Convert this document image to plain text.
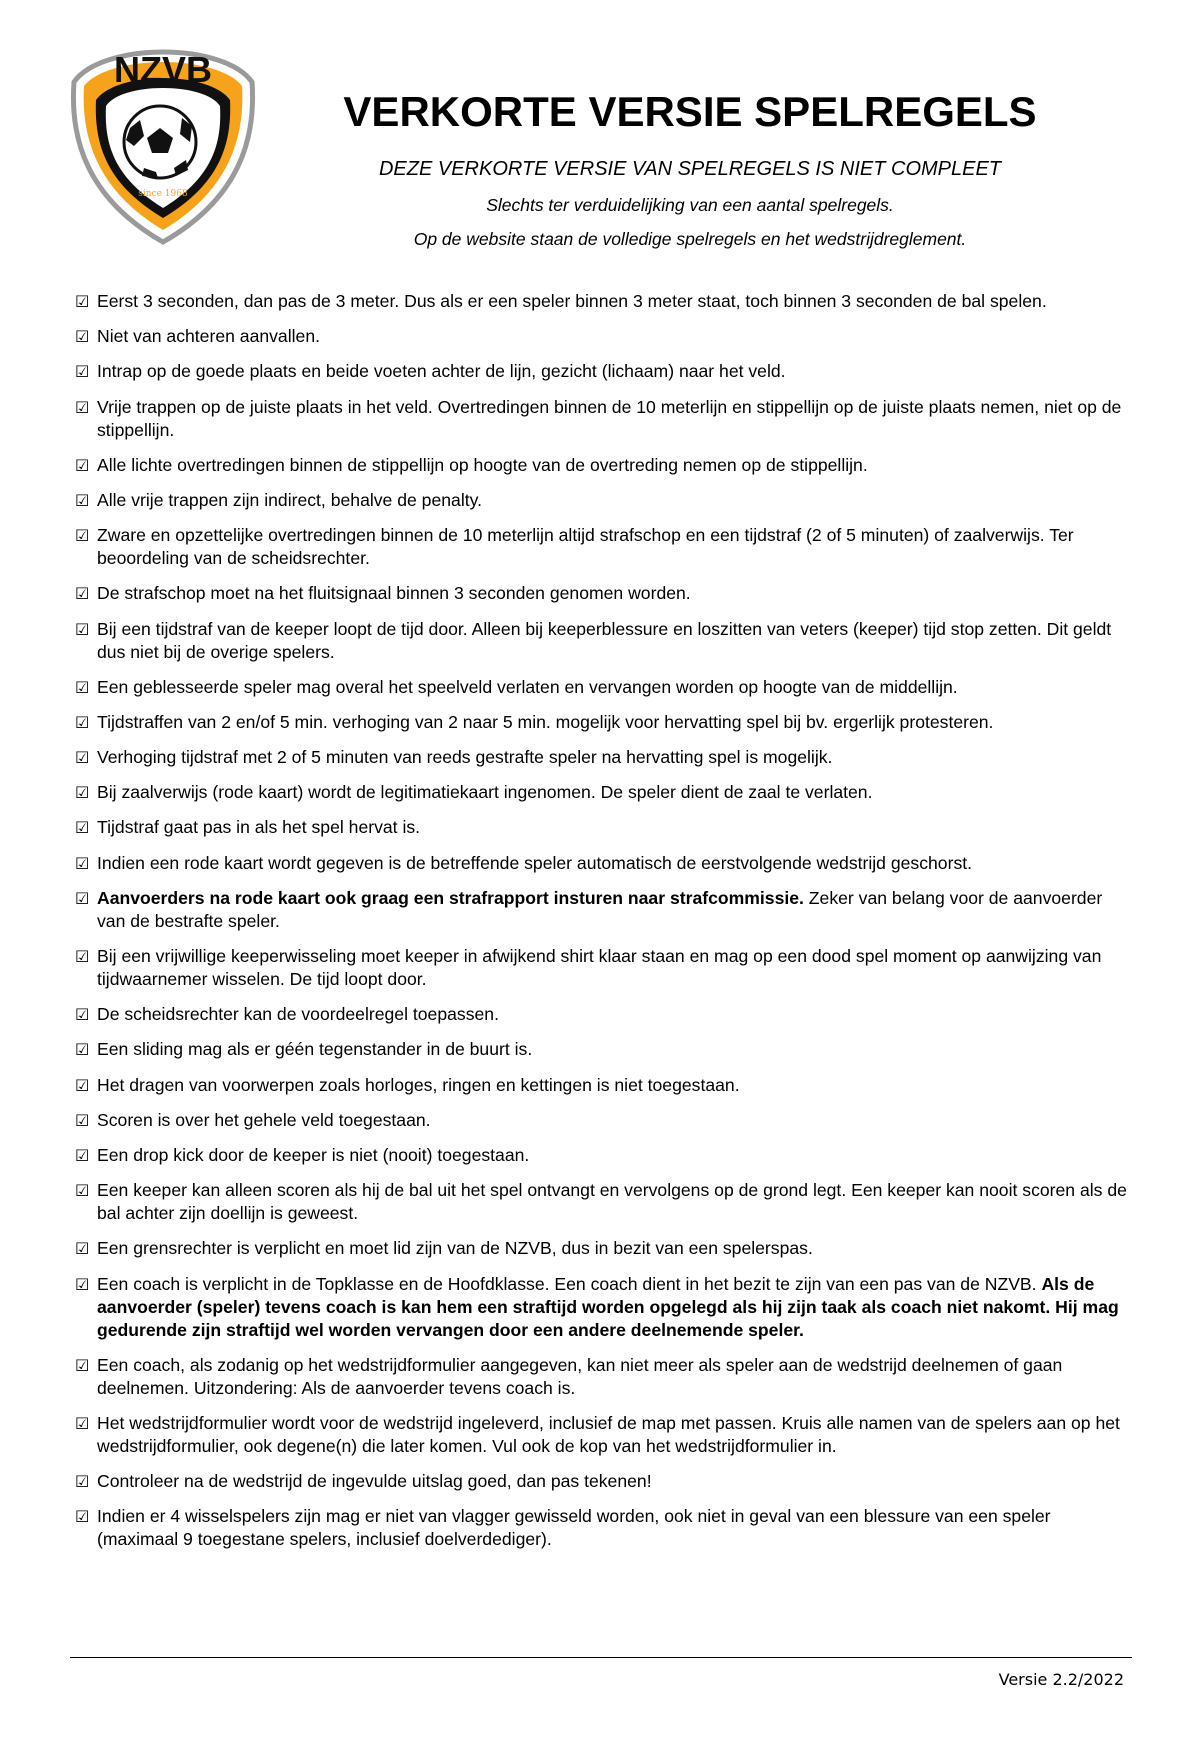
NZVB
since 1968
VERKORTE VERSIE SPELREGELS
DEZE VERKORTE VERSIE VAN SPELREGELS IS NIET COMPLEET
Slechts ter verduidelijking van een aantal spelregels.
Op de website staan de volledige spelregels en het wedstrijdreglement.
☑ Eerst 3 seconden, dan pas de 3 meter. Dus als er een speler binnen 3 meter staat, toch binnen 3 seconden de bal spelen.
☑ Niet van achteren aanvallen.
☑ Intrap op de goede plaats en beide voeten achter de lijn, gezicht (lichaam) naar het veld.
☑ Vrije trappen op de juiste plaats in het veld. Overtredingen binnen de 10 meterlijn en stippellijn op de juiste plaats nemen, niet op de stippellijn.
☑ Alle lichte overtredingen binnen de stippellijn op hoogte van de overtreding nemen op de stippellijn.
☑ Alle vrije trappen zijn indirect, behalve de penalty.
☑ Zware en opzettelijke overtredingen binnen de 10 meterlijn altijd strafschop en een tijdstraf (2 of 5 minuten) of zaalverwijs. Ter beoordeling van de scheidsrechter.
☑ De strafschop moet na het fluitsignaal binnen 3 seconden genomen worden.
☑ Bij een tijdstraf van de keeper loopt de tijd door. Alleen bij keeperblessure en loszitten van veters (keeper) tijd stop zetten. Dit geldt dus niet bij de overige spelers.
☑ Een geblesseerde speler mag overal het speelveld verlaten en vervangen worden op hoogte van de middellijn.
☑ Tijdstraffen van 2 en/of 5 min. verhoging van 2 naar 5 min. mogelijk voor hervatting spel bij bv. ergerlijk protesteren.
☑ Verhoging tijdstraf met 2 of 5 minuten van reeds gestrafte speler na hervatting spel is mogelijk.
☑ Bij zaalverwijs (rode kaart) wordt de legitimatiekaart ingenomen. De speler dient de zaal te verlaten.
☑ Tijdstraf gaat pas in als het spel hervat is.
☑ Indien een rode kaart wordt gegeven is de betreffende speler automatisch de eerstvolgende wedstrijd geschorst.
☑ Aanvoerders na rode kaart ook graag een strafrapport insturen naar strafcommissie. Zeker van belang voor de aanvoerder van de bestrafte speler.
☑ Bij een vrijwillige keeperwisseling moet keeper in afwijkend shirt klaar staan en mag op een dood spel moment op aanwijzing van tijdwaarnemer wisselen. De tijd loopt door.
☑ De scheidsrechter kan de voordeelregel toepassen.
☑ Een sliding mag als er géén tegenstander in de buurt is.
☑ Het dragen van voorwerpen zoals horloges, ringen en kettingen is niet toegestaan.
☑ Scoren is over het gehele veld toegestaan.
☑ Een drop kick door de keeper is niet (nooit) toegestaan.
☑ Een keeper kan alleen scoren als hij de bal uit het spel ontvangt en vervolgens op de grond legt. Een keeper kan nooit scoren als de bal achter zijn doellijn is geweest.
☑ Een grensrechter is verplicht en moet lid zijn van de NZVB, dus in bezit van een spelerspas.
☑ Een coach is verplicht in de Topklasse en de Hoofdklasse. Een coach dient in het bezit te zijn van een pas van de NZVB. Als de aanvoerder (speler) tevens coach is kan hem een straftijd worden opgelegd als hij zijn taak als coach niet nakomt. Hij mag gedurende zijn straftijd wel worden vervangen door een andere deelnemende speler.
☑ Een coach, als zodanig op het wedstrijdformulier aangegeven, kan niet meer als speler aan de wedstrijd deelnemen of gaan deelnemen. Uitzondering: Als de aanvoerder tevens coach is.
☑ Het wedstrijdformulier wordt voor de wedstrijd ingeleverd, inclusief de map met passen. Kruis alle namen van de spelers aan op het wedstrijdformulier, ook degene(n) die later komen. Vul ook de kop van het wedstrijdformulier in.
☑ Controleer na de wedstrijd de ingevulde uitslag goed, dan pas tekenen!
☑ Indien er 4 wisselspelers zijn mag er niet van vlagger gewisseld worden, ook niet in geval van een blessure van een speler (maximaal 9 toegestane spelers, inclusief doelverdediger).
Versie 2.2/2022
